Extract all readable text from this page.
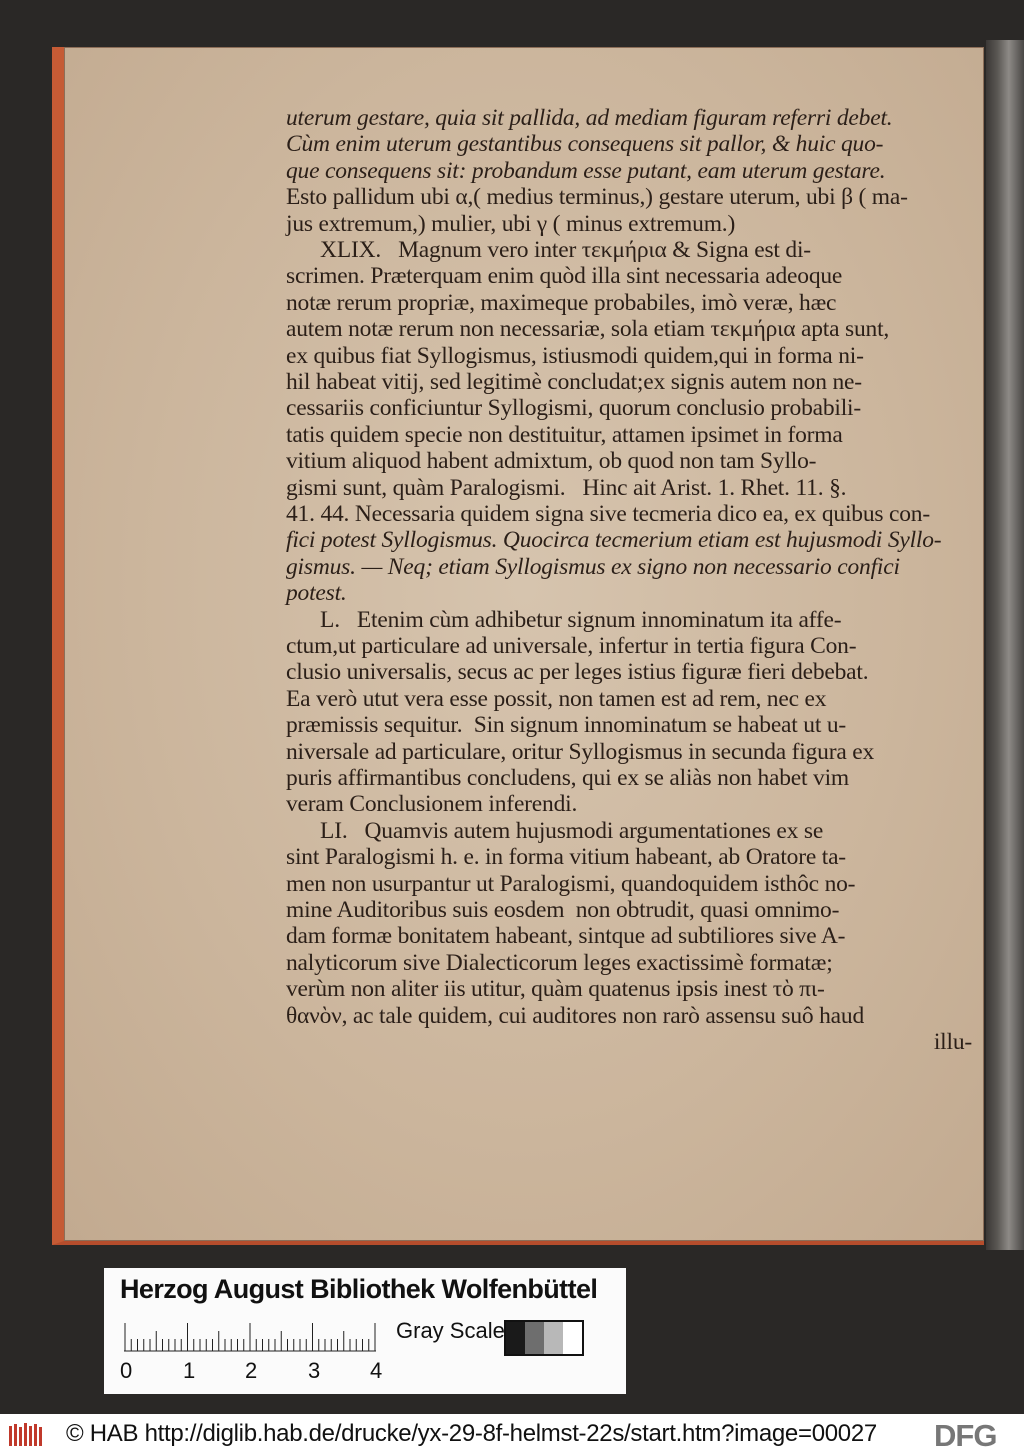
uterum gestare, quia sit pallida, ad mediam figuram referri debet.
Cùm enim uterum gestantibus consequens sit pallor, & huic quo-
que consequens sit: probandum esse putant, eam uterum gestare.
Esto pallidum ubi α,( medius terminus,) gestare uterum, ubi β ( ma-
jus extremum,) mulier, ubi γ ( minus extremum.)
XLIX.   Magnum vero inter τεκμήρια & Signa est di-
scrimen. Præterquam enim quòd illa sint necessaria adeoque
notæ rerum propriæ, maximeque probabiles, imò veræ, hæc
autem notæ rerum non necessariæ, sola etiam τεκμήρια apta sunt,
ex quibus fiat Syllogismus, istiusmodi quidem,qui in forma ni-
hil habeat vitij, sed legitimè concludat;ex signis autem non ne-
cessariis conficiuntur Syllogismi, quorum conclusio probabili-
tatis quidem specie non destituitur, attamen ipsimet in forma
vitium aliquod habent admixtum, ob quod non tam Syllo-
gismi sunt, quàm Paralogismi.   Hinc ait Arist. 1. Rhet. 11. §.
41. 44. Necessaria quidem signa sive tecmeria dico ea, ex quibus con-
fici potest Syllogismus. Quocirca tecmerium etiam est hujusmodi Syllo-
gismus. — Neq; etiam Syllogismus ex signo non necessario confici
potest.
L.   Etenim cùm adhibetur signum innominatum ita affe-
ctum,ut particulare ad universale, infertur in tertia figura Con-
clusio universalis, secus ac per leges istius figuræ fieri debebat.
Ea verò utut vera esse possit, non tamen est ad rem, nec ex
præmissis sequitur.  Sin signum innominatum se habeat ut u-
niversale ad particulare, oritur Syllogismus in secunda figura ex
puris affirmantibus concludens, qui ex se aliàs non habet vim
veram Conclusionem inferendi.
LI.   Quamvis autem hujusmodi argumentationes ex se
sint Paralogismi h. e. in forma vitium habeant, ab Oratore ta-
men non usurpantur ut Paralogismi, quandoquidem isthôc no-
mine Auditoribus suis eosdem  non obtrudit, quasi omnimo-
dam formæ bonitatem habeant, sintque ad subtiliores sive A-
nalyticorum sive Dialecticorum leges exactissimè formatæ;
verùm non aliter iis utitur, quàm quatenus ipsis inest τὸ πι-
θανὸν, ac tale quidem, cui auditores non rarò assensu suô haud
illu-
Herzog August Bibliothek Wolfenbüttel
0 1 2 3 4
Gray Scale
© HAB http://diglib.hab.de/drucke/yx-29-8f-helmst-22s/start.htm?image=00027 DFG
